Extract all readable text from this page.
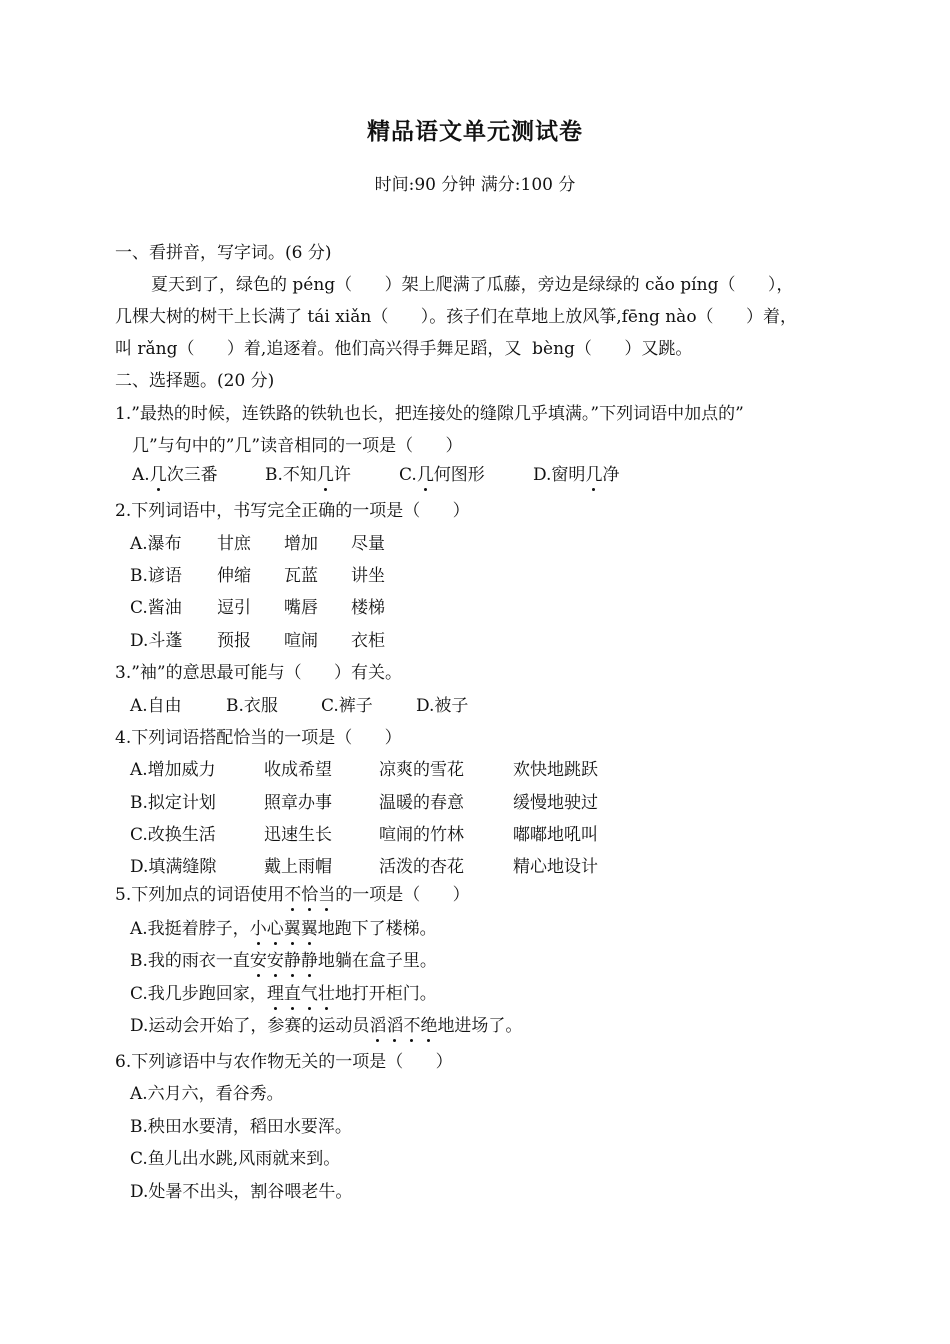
精品语文单元测试卷
时间:90 分钟 满分:100 分
一、看拼音，写字词。(6 分)
夏天到了，绿色的 péng（      ）架上爬满了瓜藤，旁边是绿绿的 cǎo píng（      ），
几棵大树的树干上长满了 tái xiǎn（      ）。孩子们在草地上放风筝,fēng nào（      ）着，
叫 rǎng（      ）着,追逐着。他们高兴得手舞足蹈，又  bèng（      ）又跳。
二、选择题。(20 分)
1.”最热的时候，连铁路的铁轨也长，把连接处的缝隙几乎填满。”下列词语中加点的”
几”与句中的”几”读音相同的一项是（      ）
A.几次三番	B.不知几许	C.几何图形	D.窗明几净
2.下列词语中，书写完全正确的一项是（      ）
A.瀑布 甘庶 增加 尽量
B.谚语 伸缩 瓦蓝 讲坐
C.酱油 逗引 嘴唇 楼梯
D.斗蓬 预报 喧闹 衣柜
3.”袖”的意思最可能与（      ）有关。
A.自由	B.衣服	C.裤子	D.被子
4.下列词语搭配恰当的一项是（      ）
A.增加威力	收成希望	凉爽的雪花	欢快地跳跃
B.拟定计划	照章办事	温暖的春意	缓慢地驶过
C.改换生活	迅速生长	喧闹的竹林	嘟嘟地吼叫
D.填满缝隙	戴上雨帽	活泼的杏花	精心地设计
5.下列加点的词语使用不恰当的一项是（      ）
A.我挺着脖子，小心翼翼地跑下了楼梯。
B.我的雨衣一直安安静静地躺在盒子里。
C.我几步跑回家，理直气壮地打开柜门。
D.运动会开始了，参赛的运动员滔滔不绝地进场了。
6.下列谚语中与农作物无关的一项是（      ）
A.六月六，看谷秀。
B.秧田水要清，稻田水要浑。
C.鱼儿出水跳,风雨就来到。
D.处暑不出头，割谷喂老牛。
